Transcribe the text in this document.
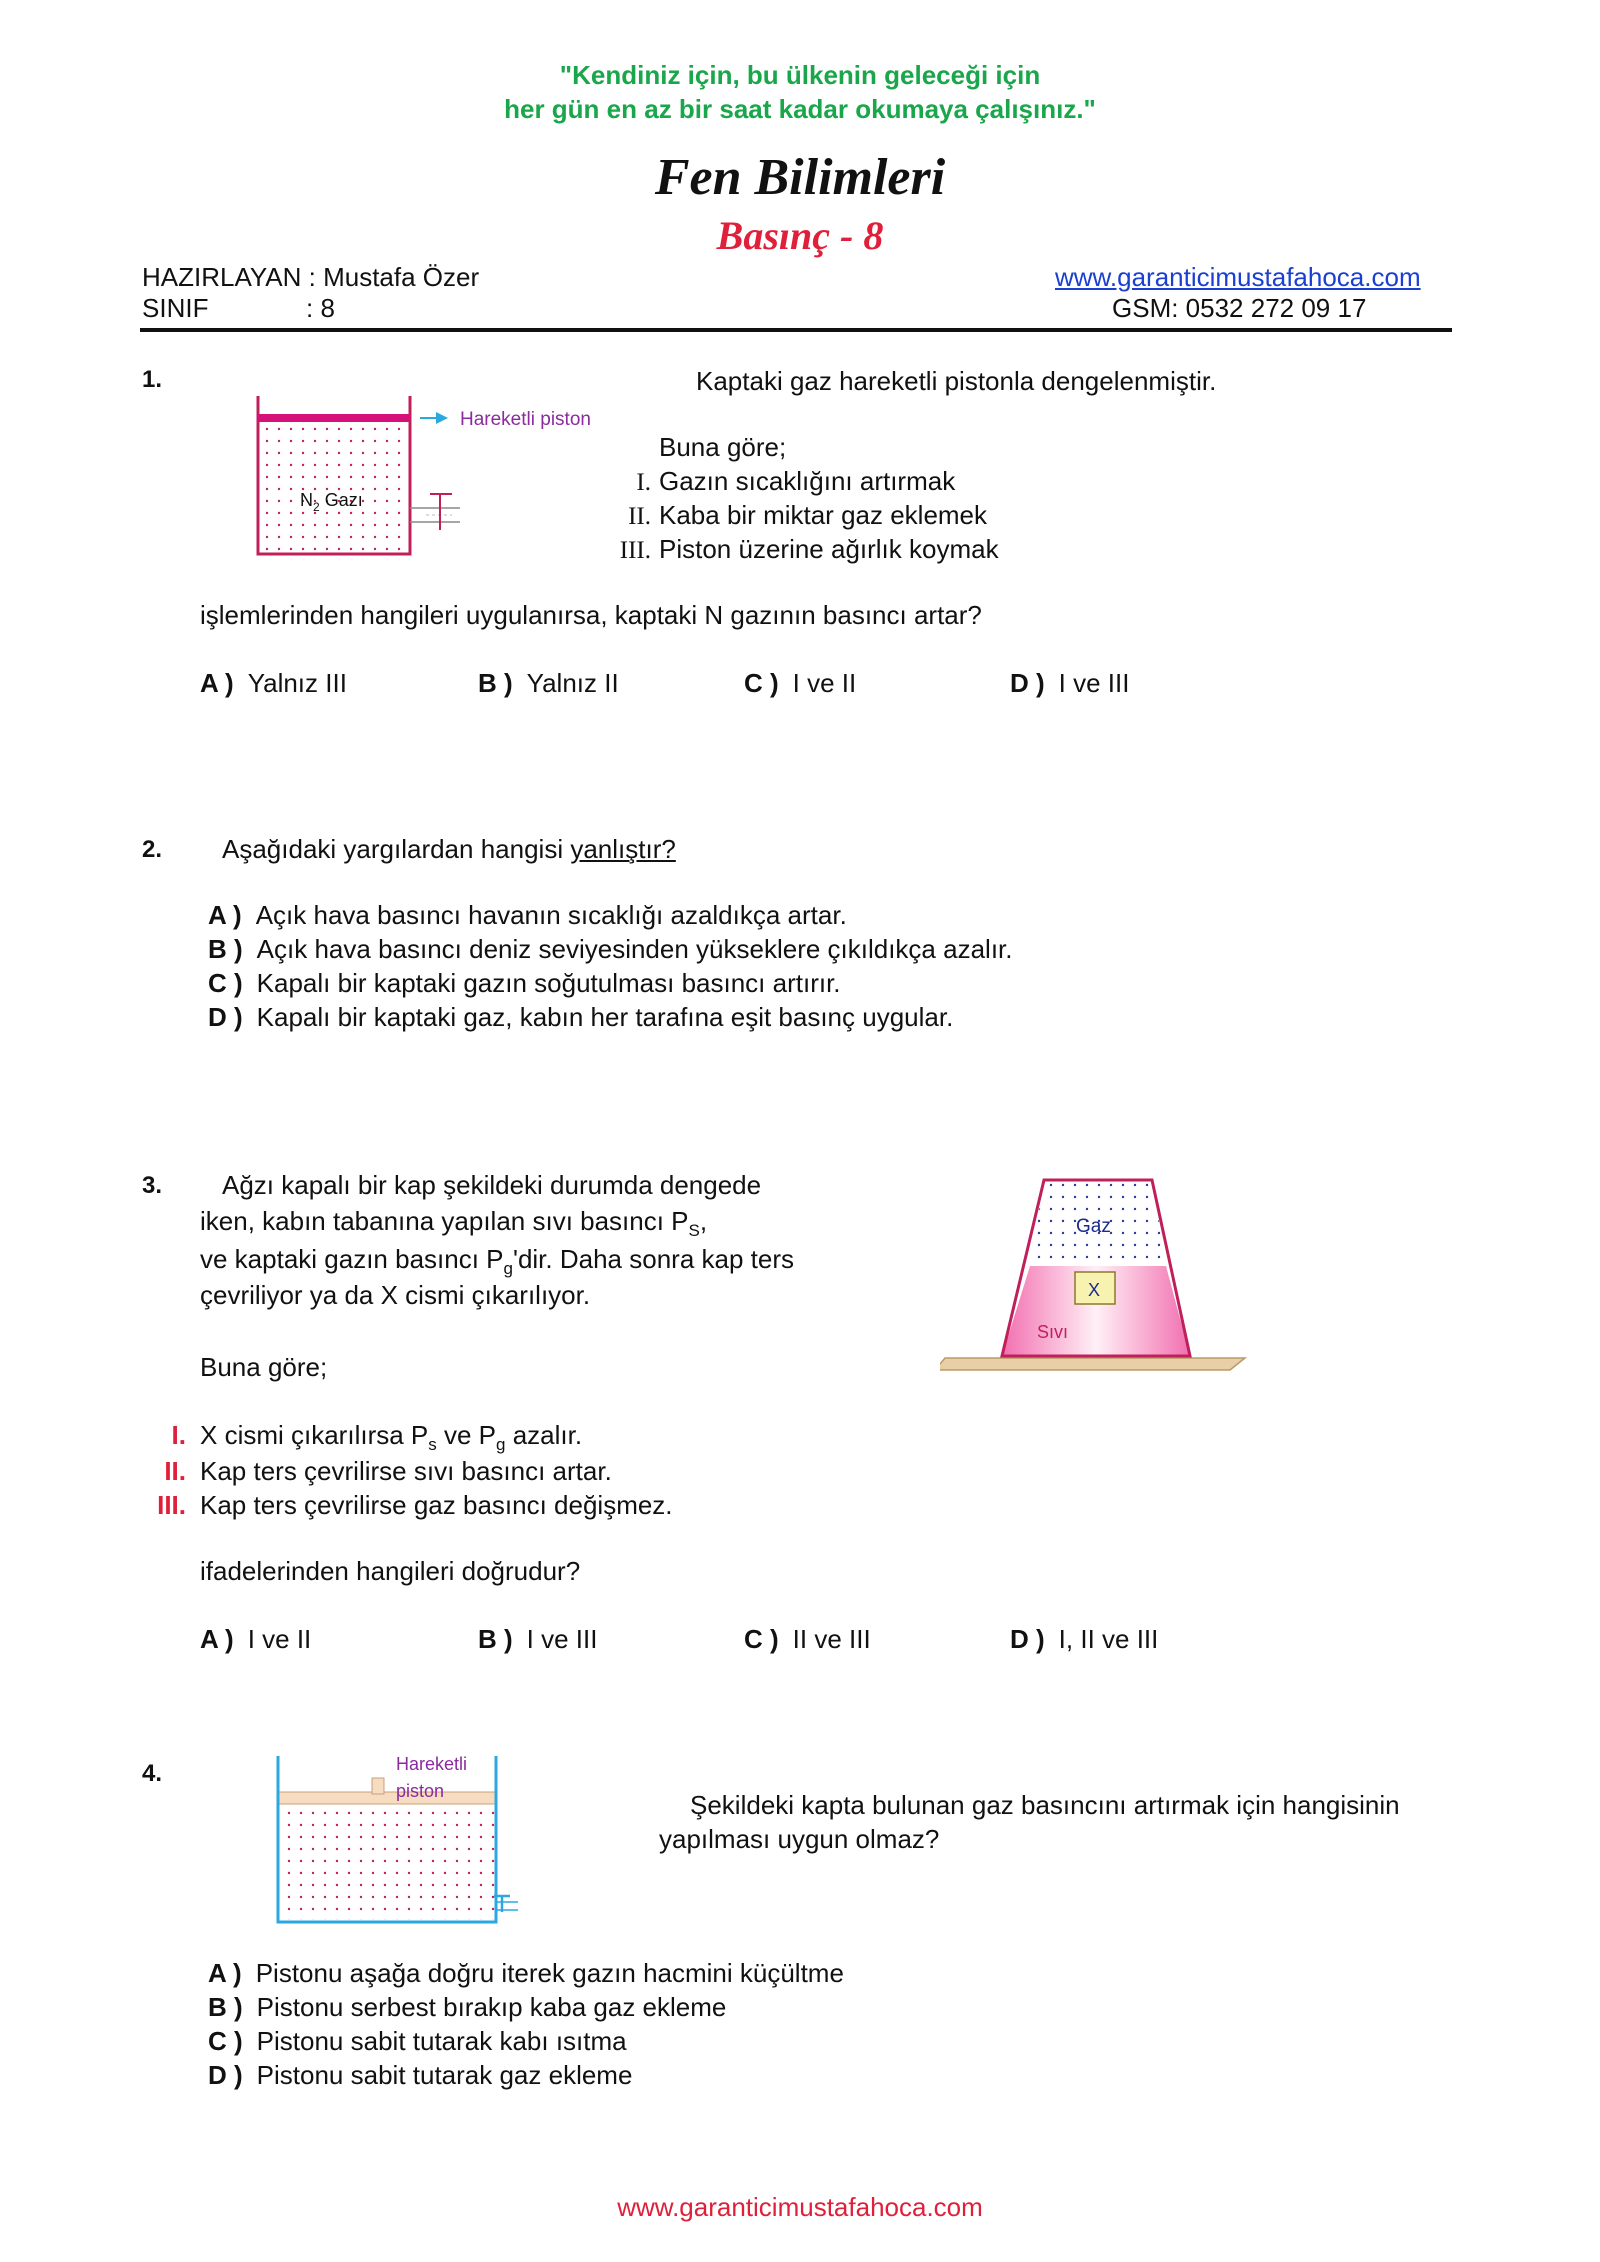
"Kendiniz için, bu ülkenin geleceği için
her gün en az bir saat kadar okumaya çalışınız."
Fen Bilimleri
Basınç - 8
HAZIRLAYAN : Mustafa Özer
SINIF	: 8
www.garanticimustafahoca.com
GSM: 0532 272 09 17
1.
Hareketli piston
$N_2$ Gazı
Kaptaki gaz hareketli pistonla dengelenmiştir.
Buna göre;
I. Gazın sıcaklığını artırmak
II. Kaba bir miktar gaz eklemek
III. Piston üzerine ağırlık koymak
işlemlerinden hangileri uygulanırsa, kaptaki N gazının basıncı artar?
A ) Yalnız III	B ) Yalnız II	C ) I ve II	D ) I ve III
2. Aşağıdaki yargılardan hangisi yanlıştır?
A ) Açık hava basıncı havanın sıcaklığı azaldıkça artar.
B ) Açık hava basıncı deniz seviyesinden yükseklere çıkıldıkça azalır.
C ) Kapalı bir kaptaki gazın soğutulması basıncı artırır.
D ) Kapalı bir kaptaki gaz, kabın her tarafına eşit basınç uygular.
3. Ağzı kapalı bir kap şekildeki durumda dengede
iken, kabın tabanına yapılan sıvı basıncı $P_S$,
ve kaptaki gazın basıncı $P_g'dir$. Daha sonra kap ters
çevriliyor ya da X cismi çıkarılıyor.	X
Gaz
Sıvı
Buna göre;
I. X cismi çıkarılırsa $P_s$ ve $P_g$ azalır.
II. Kap ters çevrilirse sıvı basıncı artar.
III. Kap ters çevrilirse gaz basıncı değişmez.
ifadelerinden hangileri doğrudur?
A ) I ve II	B ) I ve III	C ) II ve III	D ) I, II ve III
4.	Hareketli
piston	Şekildeki kapta bulunan gaz basıncını artırmak için hangisinin
yapılması uygun olmaz?
A ) Pistonu aşağa doğru iterek gazın hacmini küçültme
B ) Pistonu serbest bırakıp kaba gaz ekleme
C ) Pistonu sabit tutarak kabı ısıtma
D ) Pistonu sabit tutarak gaz ekleme
www.garanticimustafahoca.com
